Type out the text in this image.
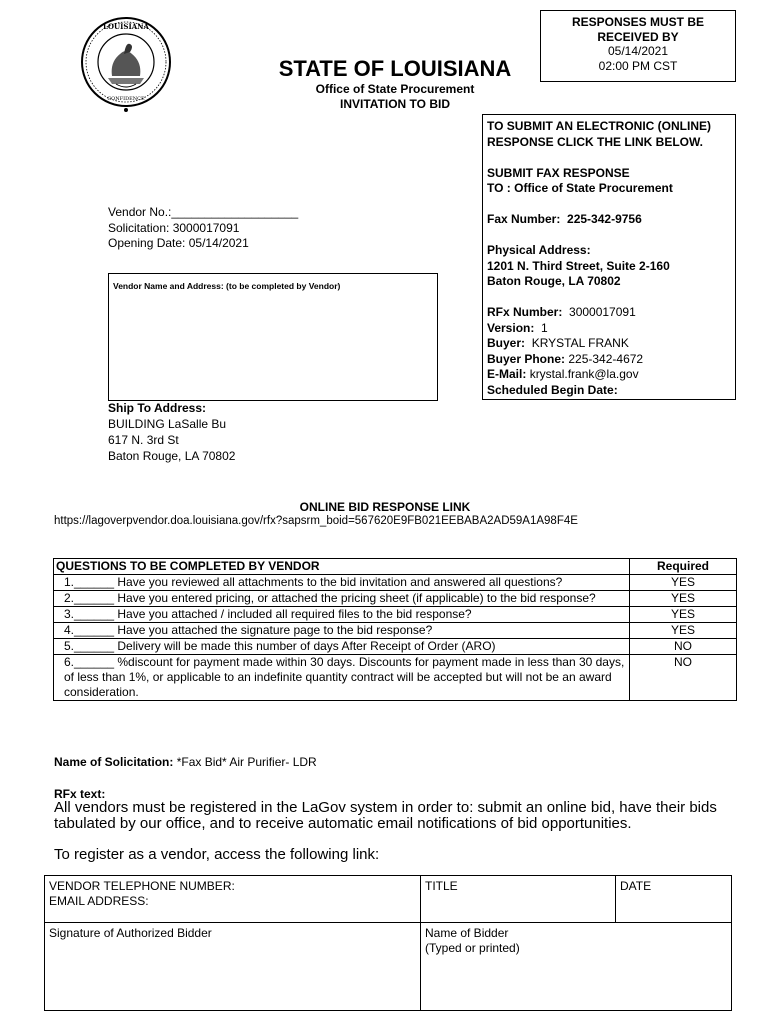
LOUISIANA
CONFIDENCE
RESPONSES MUST BE
RECEIVED BY
05/14/2021
02:00 PM CST
STATE OF LOUISIANA
Office of State Procurement
INVITATION TO BID
TO SUBMIT AN ELECTRONIC (ONLINE)
RESPONSE CLICK THE LINK BELOW.
SUBMIT FAX RESPONSE
TO : Office of State Procurement
Fax Number: 225-342-9756
Physical Address:
1201 N. Third Street, Suite 2-160
Baton Rouge, LA 70802
RFx Number: 3000017091
Version: 1
Buyer: KRYSTAL FRANK
Buyer Phone: 225-342-4672
E-Mail: krystal.frank@la.gov
Scheduled Begin Date:
Vendor No.:___________________
Solicitation: 3000017091
Opening Date: 05/14/2021
Vendor Name and Address: (to be completed by Vendor)
Ship To Address:
BUILDING LaSalle Bu
617 N. 3rd St
Baton Rouge, LA 70802
ONLINE BID RESPONSE LINK
https://lagoverpvendor.doa.louisiana.gov/rfx?sapsrm_boid=567620E9FB021EEBABA2AD59A1A98F4E
QUESTIONS TO BE COMPLETED BY VENDOR	Required
1.______ Have you reviewed all attachments to the bid invitation and answered all questions?	YES
2.______ Have you entered pricing, or attached the pricing sheet (if applicable) to the bid response?	YES
3.______ Have you attached / included all required files to the bid response?	YES
4.______ Have you attached the signature page to the bid response?	YES
5.______ Delivery will be made this number of days After Receipt of Order (ARO)	NO
6.______ %discount for payment made within 30 days. Discounts for payment made in less than 30 days, of less than 1%, or applicable to an indefinite quantity contract will be accepted but will not be an award consideration.	NO
Name of Solicitation: *Fax Bid* Air Purifier- LDR
RFx text:
All vendors must be registered in the LaGov system in order to: submit an online bid, have their bids tabulated by our office, and to receive automatic email notifications of bid opportunities.
To register as a vendor, access the following link:
VENDOR TELEPHONE NUMBER:
EMAIL ADDRESS:	TITLE	DATE
Signature of Authorized Bidder	Name of Bidder
(Typed or printed)	
